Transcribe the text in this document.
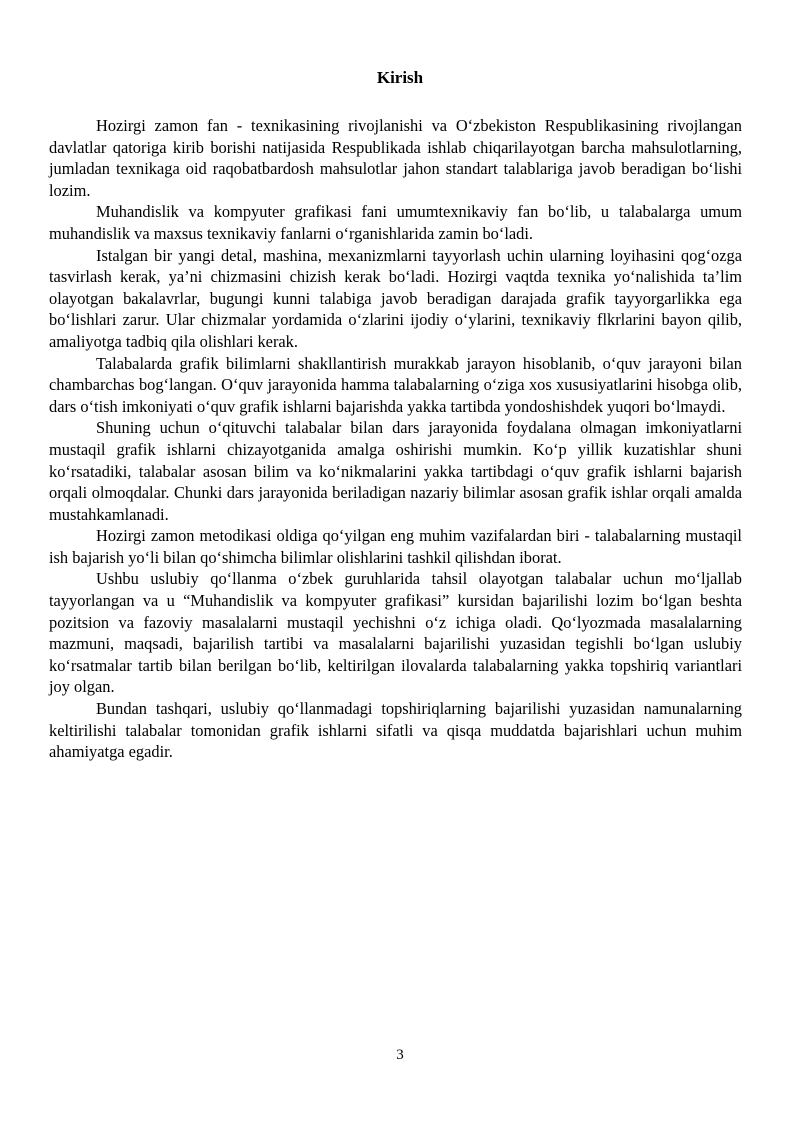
Kirish

Hozirgi zamon fan - texnikasining rivojlanishi va O‘zbekiston Respublikasining rivojlangan davlatlar qatoriga kirib borishi natijasida Respublikada ishlab chiqarilayotgan barcha mahsulotlarning, jumladan texnikaga oid raqobatbardosh mahsulotlar jahon standart talablariga javob beradigan bo‘lishi lozim.

Muhandislik va kompyuter grafikasi fani umumtexnikaviy fan bo‘lib, u talabalarga umum muhandislik va maxsus texnikaviy fanlarni o‘rganishlarida zamin bo‘ladi.

Istalgan bir yangi detal, mashina, mexanizmlarni tayyorlash uchin ularning loyihasini qog‘ozga tasvirlash kerak, ya’ni chizmasini chizish kerak bo‘ladi. Hozirgi vaqtda texnika yo‘nalishida ta’lim olayotgan bakalavrlar, bugungi kunni talabiga javob beradigan darajada grafik tayyorgarlikka ega bo‘lishlari zarur. Ular chizmalar yordamida o‘zlarini ijodiy o‘ylarini, texnikaviy flkrlarini bayon qilib, amaliyotga tadbiq qila olishlari kerak.

Talabalarda grafik bilimlarni shakllantirish murakkab jarayon hisoblanib, o‘quv jarayoni bilan chambarchas bog‘langan. O‘quv jarayonida hamma talabalarning o‘ziga xos xususiyatlarini hisobga olib, dars o‘tish imkoniyati o‘quv grafik ishlarni bajarishda yakka tartibda yondoshishdek yuqori bo‘lmaydi.

Shuning uchun o‘qituvchi talabalar bilan dars jarayonida foydalana olmagan imkoniyatlarni mustaqil grafik ishlarni chizayotganida amalga oshirishi mumkin. Ko‘p yillik kuzatishlar shuni ko‘rsatadiki, talabalar asosan bilim va ko‘nikmalarini yakka tartibdagi o‘quv grafik ishlarni bajarish orqali olmoqdalar. Chunki dars jarayonida beriladigan nazariy bilimlar asosan grafik ishlar orqali amalda mustahkamlanadi.

Hozirgi zamon metodikasi oldiga qo‘yilgan eng muhim vazifalardan biri - talabalarning mustaqil ish bajarish yo‘li bilan qo‘shimcha bilimlar olishlarini tashkil qilishdan iborat.

Ushbu uslubiy qo‘llanma o‘zbek guruhlarida tahsil olayotgan talabalar uchun mo‘ljallab tayyorlangan va u “Muhandislik va kompyuter grafikasi” kursidan bajarilishi lozim bo‘lgan beshta pozitsion va fazoviy masalalarni mustaqil yechishni o‘z ichiga oladi. Qo‘lyozmada masalalarning mazmuni, maqsadi, bajarilish tartibi va masalalarni bajarilishi yuzasidan tegishli bo‘lgan uslubiy ko‘rsatmalar tartib bilan berilgan bo‘lib, keltirilgan ilovalarda talabalarning yakka topshiriq variantlari joy olgan.

Bundan tashqari, uslubiy qo‘llanmadagi topshiriqlarning bajarilishi yuzasidan namunalarning keltirilishi talabalar tomonidan grafik ishlarni sifatli va qisqa muddatda bajarishlari uchun muhim ahamiyatga egadir.

3
